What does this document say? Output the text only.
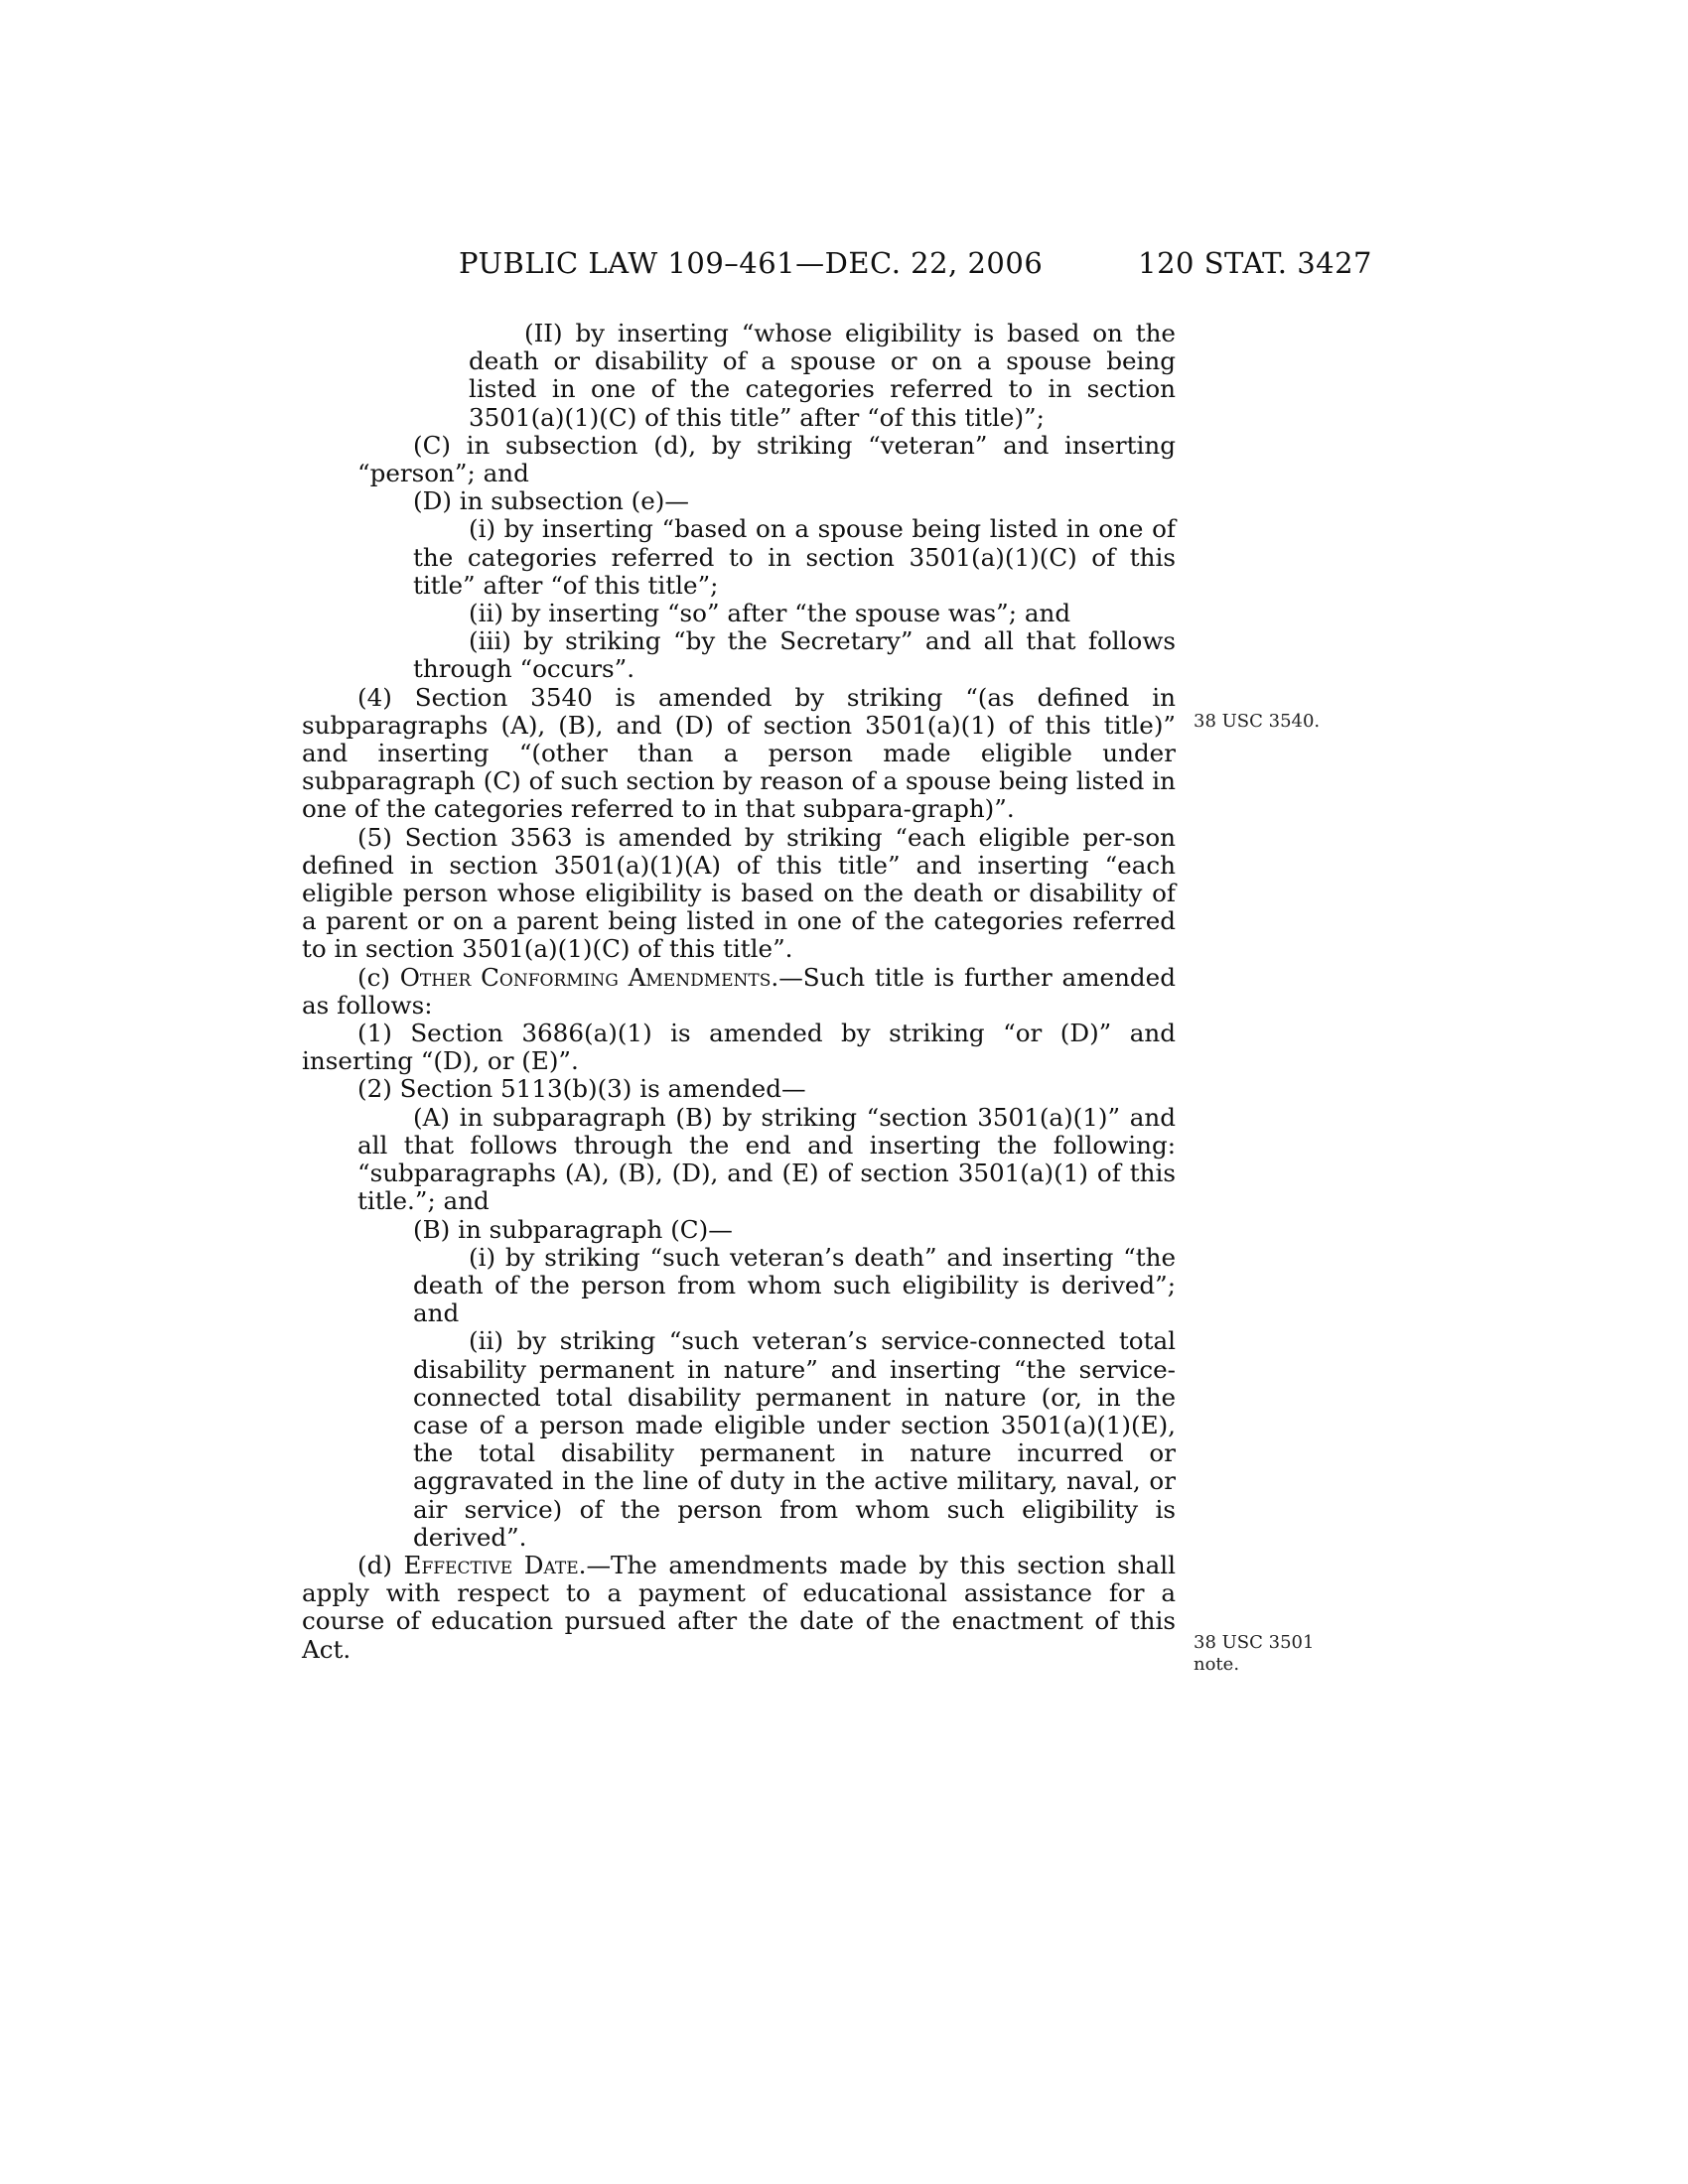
PUBLIC LAW 109–461—DEC. 22, 2006	120 STAT. 3427

(II) by inserting “whose eligibility is based on the death or disability of a spouse or on a spouse being listed in one of the categories referred to in section 3501(a)(1)(C) of this title” after “of this title)”;

(C) in subsection (d), by striking “veteran” and inserting “person”; and

(D) in subsection (e)—

(i) by inserting “based on a spouse being listed in one of the categories referred to in section 3501(a)(1)(C) of this title” after “of this title”;

(ii) by inserting “so” after “the spouse was”; and

(iii) by striking “by the Secretary” and all that follows through “occurs”.

(4) Section 3540 is amended by striking “(as defined in subparagraphs (A), (B), and (D) of section 3501(a)(1) of this title)” and inserting “(other than a person made eligible under subparagraph (C) of such section by reason of a spouse being listed in one of the categories referred to in that subpara-graph)”.

(5) Section 3563 is amended by striking “each eligible per-son defined in section 3501(a)(1)(A) of this title” and inserting “each eligible person whose eligibility is based on the death or disability of a parent or on a parent being listed in one of the categories referred to in section 3501(a)(1)(C) of this title”.

(c) Other Conforming Amendments.—Such title is further amended as follows:

(1) Section 3686(a)(1) is amended by striking “or (D)” and inserting “(D), or (E)”.

(2) Section 5113(b)(3) is amended—

(A) in subparagraph (B) by striking “section 3501(a)(1)” and all that follows through the end and inserting the following: “subparagraphs (A), (B), (D), and (E) of section 3501(a)(1) of this title.”; and

(B) in subparagraph (C)—

(i) by striking “such veteran’s death” and inserting “the death of the person from whom such eligibility is derived”; and

(ii) by striking “such veteran’s service-connected total disability permanent in nature” and inserting “the service-connected total disability permanent in nature (or, in the case of a person made eligible under section 3501(a)(1)(E), the total disability permanent in nature incurred or aggravated in the line of duty in the active military, naval, or air service) of the person from whom such eligibility is derived”.

(d) Effective Date.—The amendments made by this section shall apply with respect to a payment of educational assistance for a course of education pursued after the date of the enactment of this Act.

38 USC 3540.
38 USC 3501
note.
